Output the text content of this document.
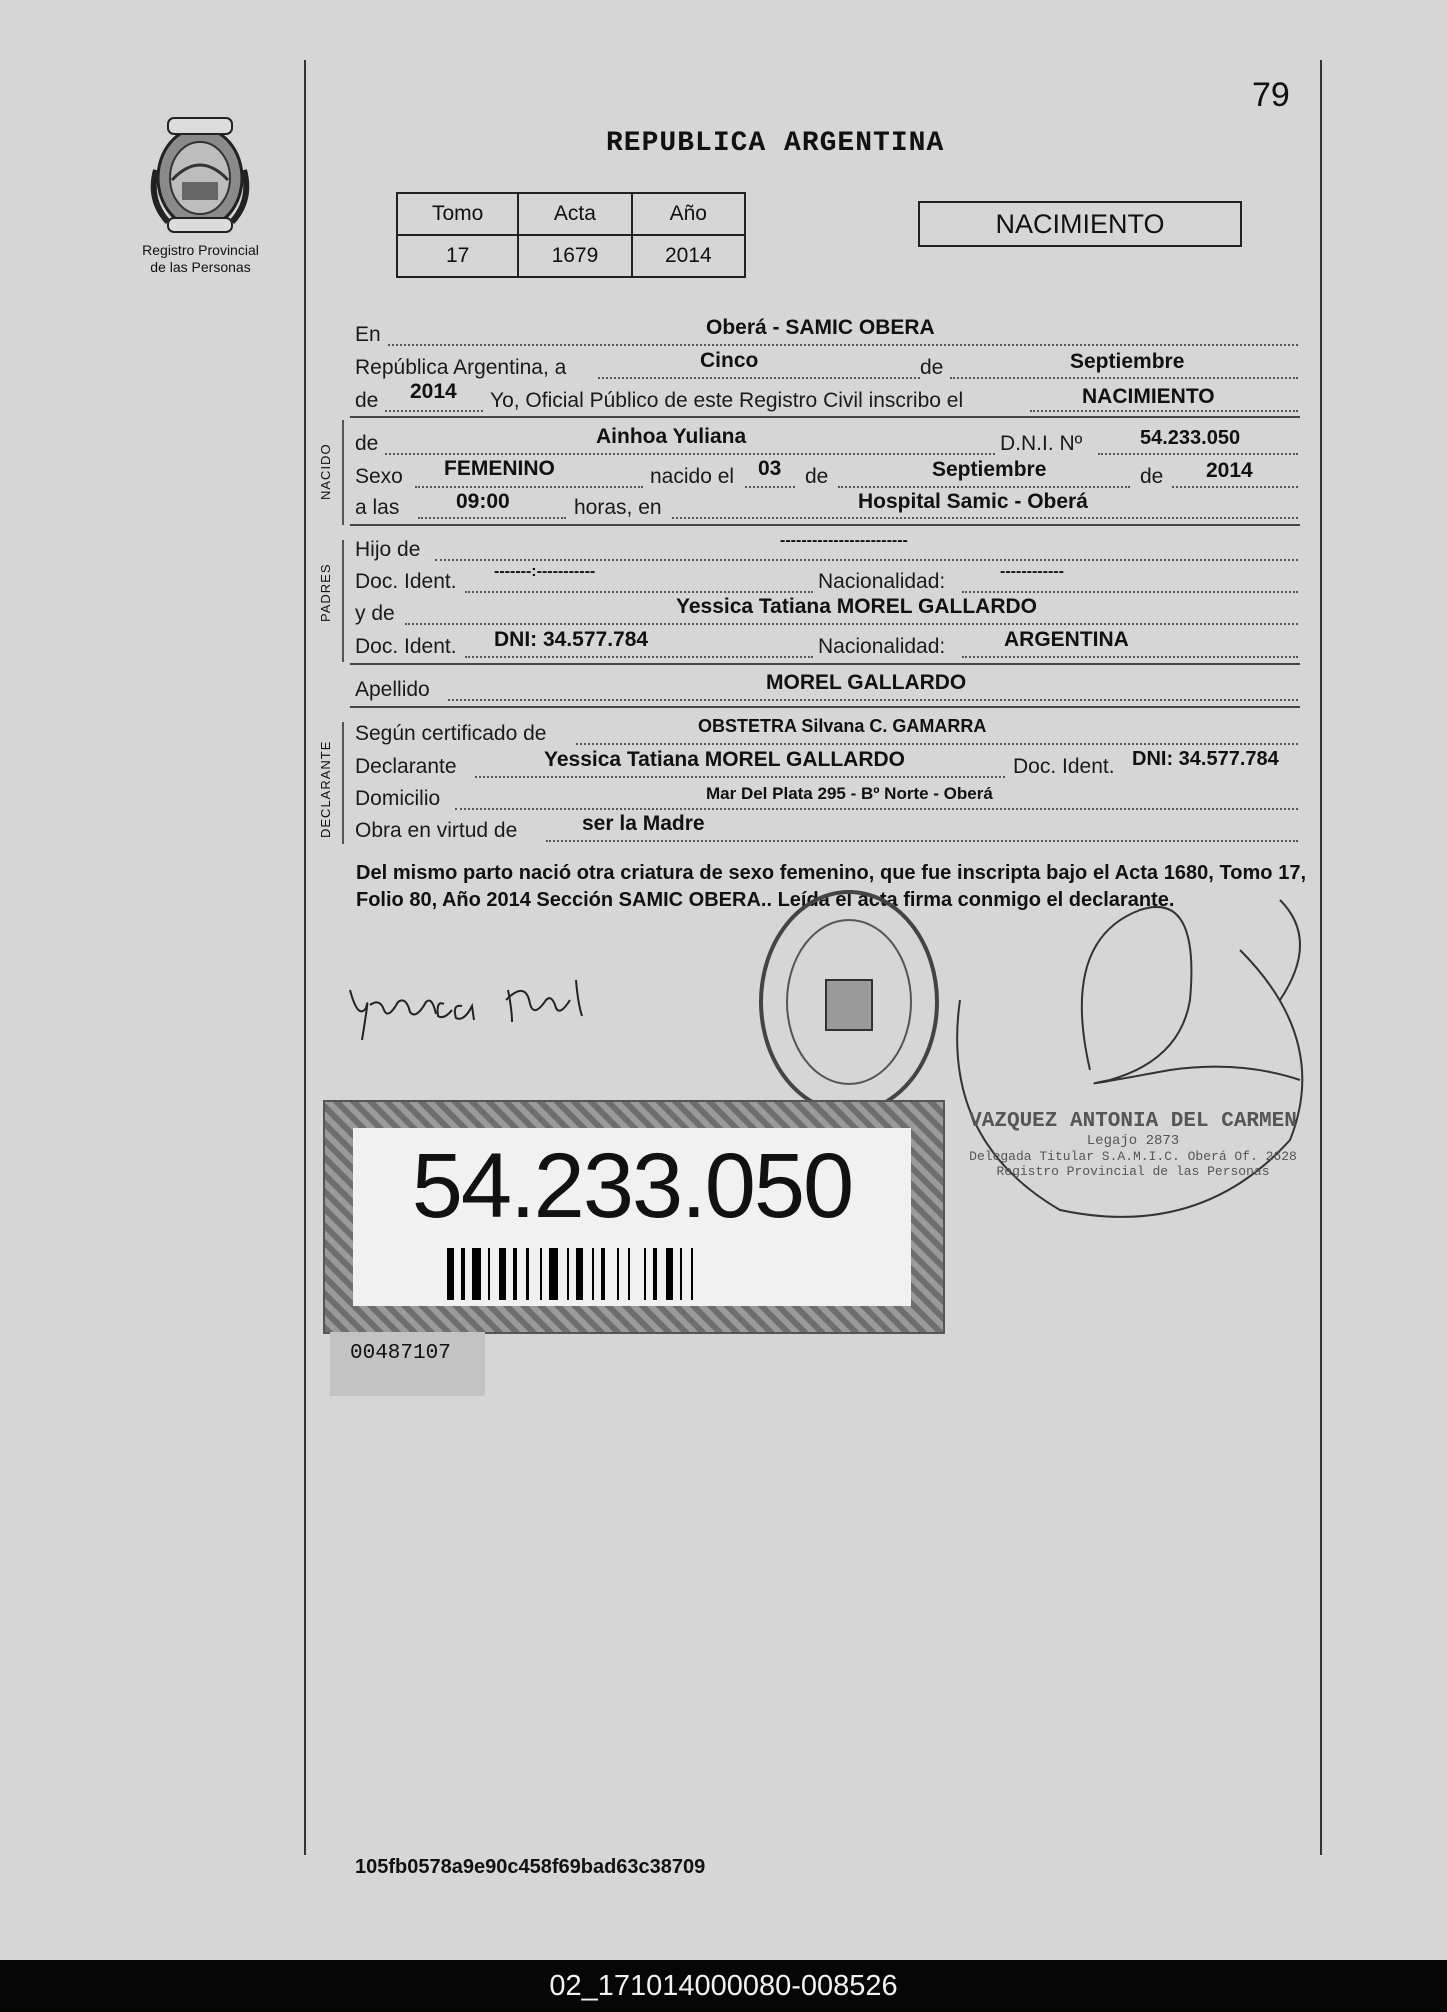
79
Registro Provincial
de las Personas
REPUBLICA ARGENTINA
Tomo	Acta	Año
17	1679	2014
NACIMIENTO
NACIDO
PADRES
DECLARANTE
En	Oberá - SAMIC OBERA
República Argentina, a	Cinco	de	Septiembre
de 2014 Yo, Oficial Público de este Registro Civil inscribo el	NACIMIENTO
de	Ainhoa Yuliana	D.N.I. Nº	54.233.050
Sexo FEMENINO	nacido el 03 de	Septiembre	de 2014
a las	09:00	horas, en	Hospital Samic - Oberá
Hijo de	------------------------
Doc. Ident. -------:-----------	Nacionalidad:	------------
y de	Yessica Tatiana MOREL GALLARDO
Doc. Ident. DNI: 34.577.784	Nacionalidad:	ARGENTINA
Apellido	MOREL GALLARDO
Según certificado de	OBSTETRA Silvana C. GAMARRA
Declarante	Yessica Tatiana MOREL GALLARDO	Doc. Ident. DNI: 34.577.784
Domicilio	Mar Del Plata 295 - Bº Norte - Oberá
Obra en virtud de	ser la Madre
Del mismo parto nació otra criatura de sexo femenino, que fue inscripta bajo el Acta 1680, Tomo 17, Folio 80, Año 2014 Sección SAMIC OBERA.. Leída el acta firma conmigo el declarante.
VAZQUEZ ANTONIA DEL CARMEN
Legajo 2873
Delegada Titular S.A.M.I.C. Oberá Of. 2628
Registro Provincial de las Personas
54.233.050
00487107
105fb0578a9e90c458f69bad63c38709
02_171014000080-008526
